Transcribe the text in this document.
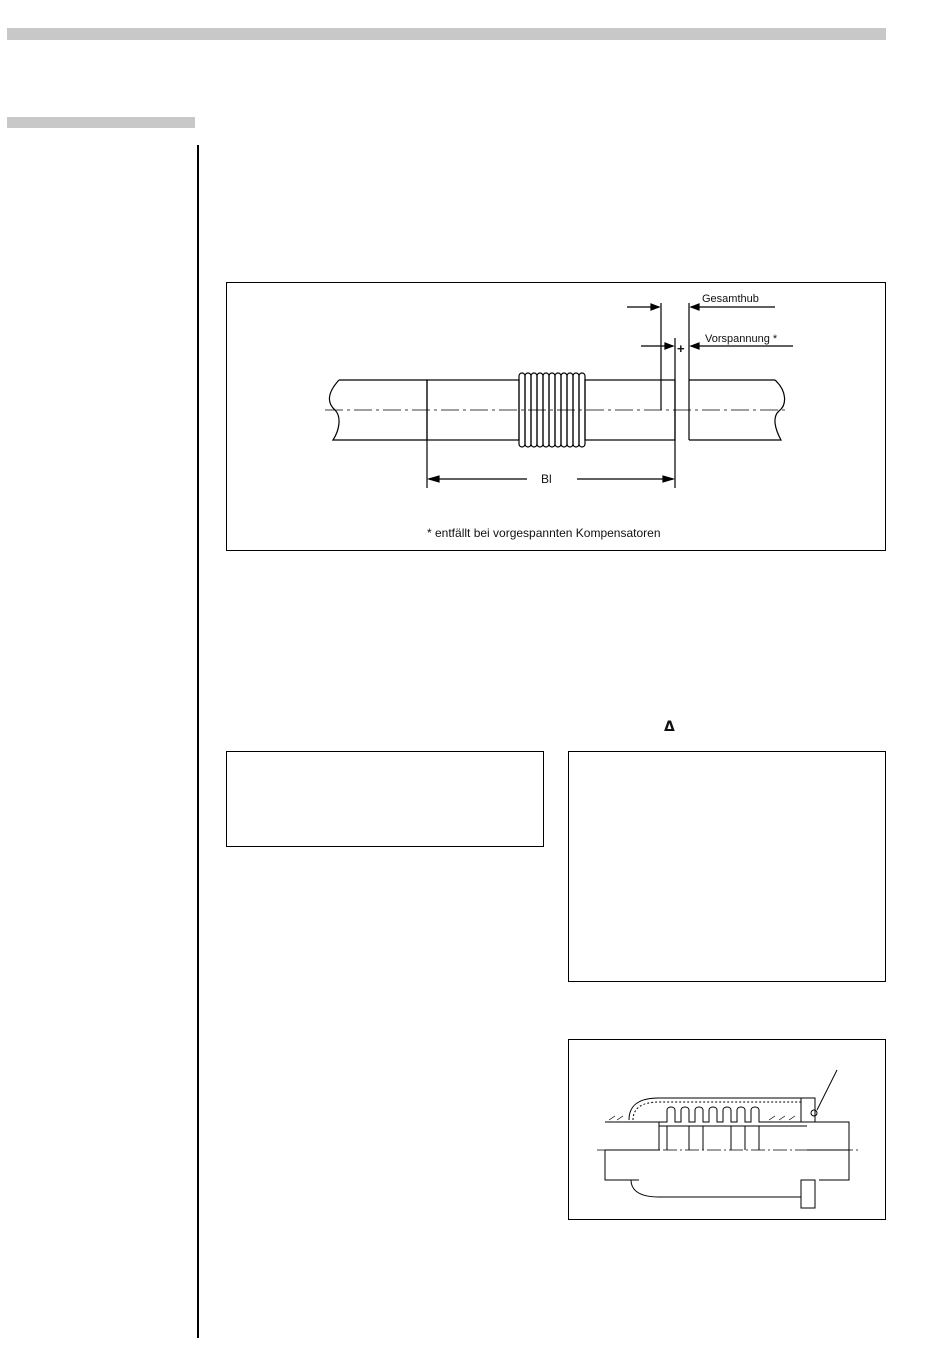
Gesamthub
Vorspannung *
+
Bl
* entfällt bei vorgespannten Kompensatoren
Δ
